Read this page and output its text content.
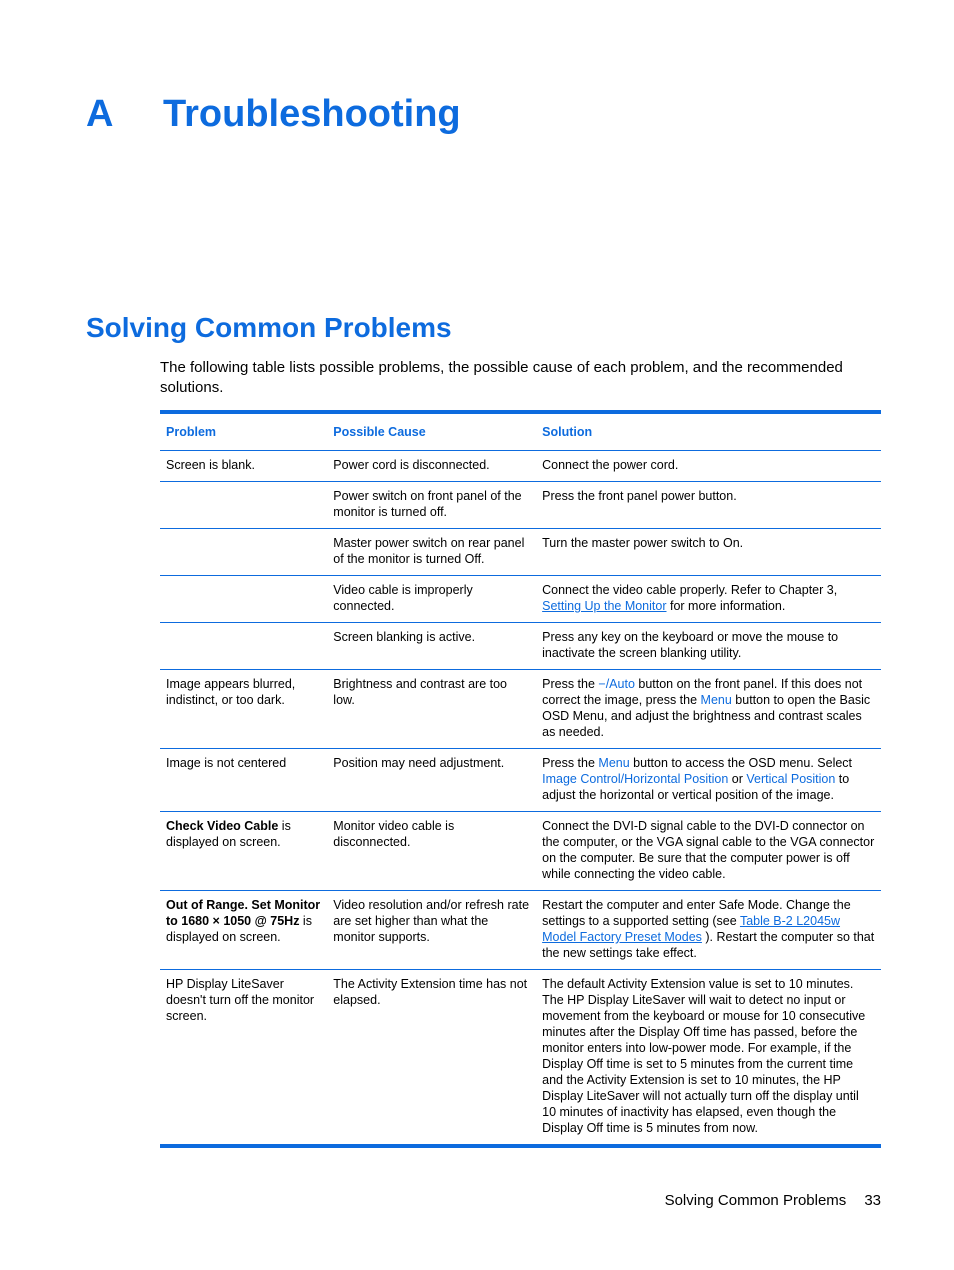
A Troubleshooting
Solving Common Problems

The following table lists possible problems, the possible cause of each problem, and the recommended solutions.

Problem	Possible Cause	Solution
Screen is blank.	Power cord is disconnected.	Connect the power cord.
	Power switch on front panel of the monitor is turned off.	Press the front panel power button.
	Master power switch on rear panel of the monitor is turned Off.	Turn the master power switch to On.
	Video cable is improperly connected.	Connect the video cable properly. Refer to Chapter 3, Setting Up the Monitor for more information.
	Screen blanking is active.	Press any key on the keyboard or move the mouse to inactivate the screen blanking utility.
Image appears blurred, indistinct, or too dark.	Brightness and contrast are too low.	Press the −/Auto button on the front panel. If this does not correct the image, press the Menu button to open the Basic OSD Menu, and adjust the brightness and contrast scales as needed.
Image is not centered	Position may need adjustment.	Press the Menu button to access the OSD menu. Select Image Control/Horizontal Position or Vertical Position to adjust the horizontal or vertical position of the image.
Check Video Cable is displayed on screen.	Monitor video cable is disconnected.	Connect the DVI-D signal cable to the DVI-D connector on the computer, or the VGA signal cable to the VGA connector on the computer. Be sure that the computer power is off while connecting the video cable.
Out of Range. Set Monitor to 1680 × 1050 @ 75Hz is displayed on screen.	Video resolution and/or refresh rate are set higher than what the monitor supports.	Restart the computer and enter Safe Mode. Change the settings to a supported setting (see Table B-2 L2045w Model Factory Preset Modes ). Restart the computer so that the new settings take effect.
HP Display LiteSaver doesn't turn off the monitor screen.	The Activity Extension time has not elapsed.	The default Activity Extension value is set to 10 minutes. The HP Display LiteSaver will wait to detect no input or movement from the keyboard or mouse for 10 consecutive minutes after the Display Off time has passed, before the monitor enters into low-power mode. For example, if the Display Off time is set to 5 minutes from the current time and the Activity Extension is set to 10 minutes, the HP Display LiteSaver will not actually turn off the display until 10 minutes of inactivity has elapsed, even though the Display Off time is 5 minutes from now.
Solving Common Problems 33
